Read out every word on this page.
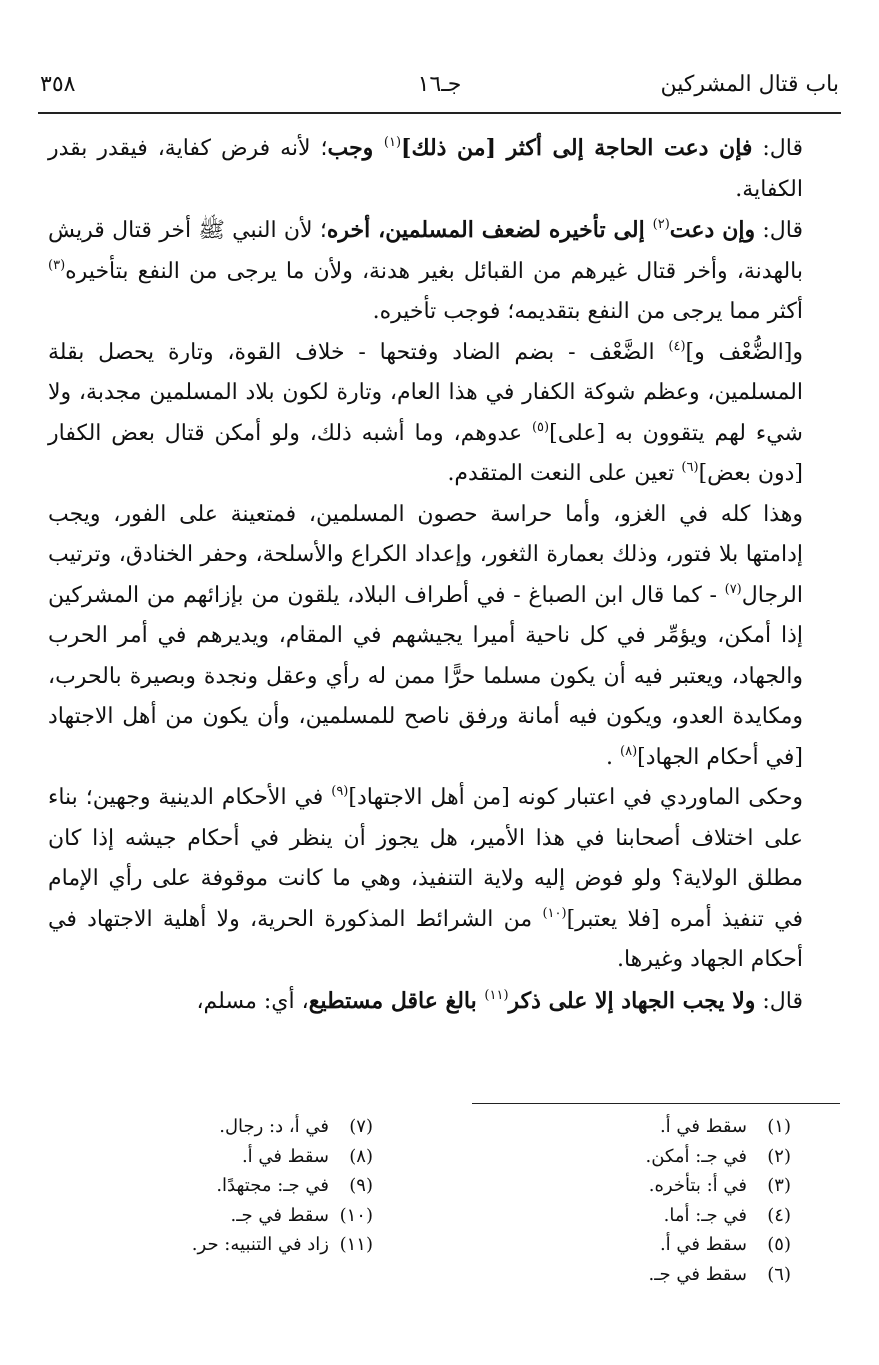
باب قتال المشركين
جـ١٦
٣٥٨

قال: فإن دعت الحاجة إلى أكثر [من ذلك]$^{(١)}$ وجب؛ لأنه فرض كفاية، فيقدر بقدر الكفاية.

قال: وإن دعت$^{(٢)}$ إلى تأخيره لضعف المسلمين، أخره؛ لأن النبي ﷺ أخر قتال قريش بالهدنة، وأخر قتال غيرهم من القبائل بغير هدنة، ولأن ما يرجى من النفع بتأخيره$^{(٣)}$ أكثر مما يرجى من النفع بتقديمه؛ فوجب تأخيره.

و[الضُّعْف و]$^{(٤)}$ الضَّعْف - بضم الضاد وفتحها - خلاف القوة، وتارة يحصل بقلة المسلمين، وعظم شوكة الكفار في هذا العام، وتارة لكون بلاد المسلمين مجدبة، ولا شيء لهم يتقوون به [على]$^{(٥)}$ عدوهم، وما أشبه ذلك، ولو أمكن قتال بعض الكفار [دون بعض]$^{(٦)}$ تعين على النعت المتقدم.

وهذا كله في الغزو، وأما حراسة حصون المسلمين، فمتعينة على الفور، ويجب إدامتها بلا فتور، وذلك بعمارة الثغور، وإعداد الكراع والأسلحة، وحفر الخنادق، وترتيب الرجال$^{(٧)}$ - كما قال ابن الصباغ - في أطراف البلاد، يلقون من بإزائهم من المشركين إذا أمكن، ويؤمِّر في كل ناحية أميرا يجيشهم في المقام، ويديرهم في أمر الحرب والجهاد، ويعتبر فيه أن يكون مسلما حرًّا ممن له رأي وعقل ونجدة وبصيرة بالحرب، ومكايدة العدو، ويكون فيه أمانة ورفق ناصح للمسلمين، وأن يكون من أهل الاجتهاد [في أحكام الجهاد]$^{(٨)}$ .

وحكى الماوردي في اعتبار كونه [من أهل الاجتهاد]$^{(٩)}$ في الأحكام الدينية وجهين؛ بناء على اختلاف أصحابنا في هذا الأمير، هل يجوز أن ينظر في أحكام جيشه إذا كان مطلق الولاية؟ ولو فوض إليه ولاية التنفيذ، وهي ما كانت موقوفة على رأي الإمام في تنفيذ أمره [فلا يعتبر]$^{(١٠)}$ من الشرائط المذكورة الحرية، ولا أهلية الاجتهاد في أحكام الجهاد وغيرها.

قال: ولا يجب الجهاد إلا على ذكر$^{(١١)}$ بالغ عاقل مستطيع، أي: مسلم،

(١)سقط في أ.
(٢)في جـ: أمكن.
(٣)في أ: بتأخره.
(٤)في جـ: أما.
(٥)سقط في أ.
(٦)سقط في جـ.
(٧)في أ، د: رجال.
(٨)سقط في أ.
(٩)في جـ: مجتهدًا.
(١٠)سقط في جـ.
(١١)زاد في التنبيه: حر.
